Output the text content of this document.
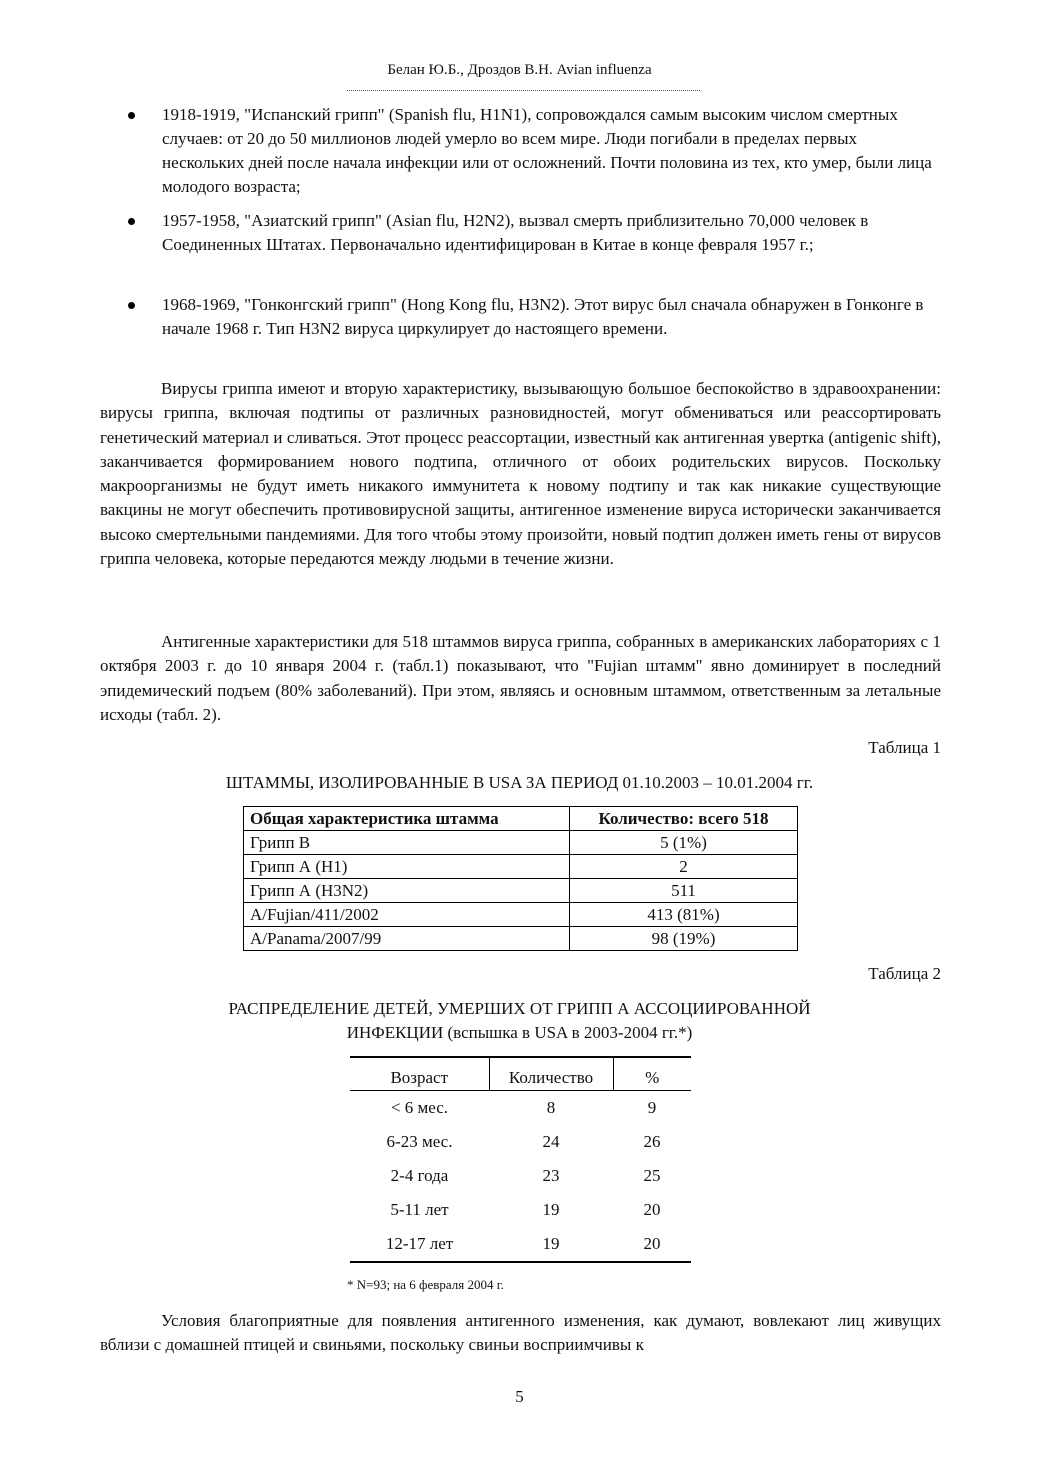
Белан Ю.Б., Дроздов В.Н. Avian influenza
1918-1919, "Испанский грипп" (Spanish flu, H1N1), сопровождался самым высоким числом смертных случаев: от 20 до 50 миллионов людей умерло во всем мире. Люди погибали в пределах первых нескольких дней после начала инфекции или от осложнений. Почти половина из тех, кто умер, были лица молодого возраста;
1957-1958, "Азиатский грипп" (Asian flu, H2N2), вызвал смерть приблизительно 70,000 человек в Соединенных Штатах. Первоначально идентифицирован в Китае в конце февраля 1957 г.;
1968-1969, "Гонконгский грипп" (Hong Kong flu, H3N2). Этот вирус был сначала обнаружен в Гонконге в начале 1968 г. Тип H3N2 вируса циркулирует до настоящего времени.

Вирусы гриппа имеют и вторую характеристику, вызывающую большое беспокойство в здравоохранении: вирусы гриппа, включая подтипы от различных разновидностей, могут обмениваться или реассортировать генетический материал и сливаться. Этот процесс реассортации, известный как антигенная увертка (antigenic shift), заканчивается формированием нового подтипа, отличного от обоих родительских вирусов. Поскольку макроорганизмы не будут иметь никакого иммунитета к новому подтипу и так как никакие существующие вакцины не могут обеспечить противовирусной защиты, антигенное изменение вируса исторически заканчивается высоко смертельными пандемиями. Для того чтобы этому произойти, новый подтип должен иметь гены от вирусов гриппа человека, которые передаются между людьми в течение жизни.

Антигенные характеристики для 518 штаммов вируса гриппа, собранных в американских лабораториях с 1 октября 2003 г. до 10 января 2004 г. (табл.1) показывают, что "Fujian штамм" явно доминирует в последний эпидемический подъем (80% заболеваний). При этом, являясь и основным штаммом, ответственным за летальные исходы (табл. 2).

Таблица 1
ШТАММЫ, ИЗОЛИРОВАННЫЕ В USA ЗА ПЕРИОД 01.10.2003 – 10.01.2004 гг.
Общая характеристика штамма	Количество: всего 518
Грипп В	5 (1%)
Грипп А (H1)	2
Грипп А (H3N2)	511
A/Fujian/411/2002	413 (81%)
A/Panama/2007/99	98 (19%)
Таблица 2
РАСПРЕДЕЛЕНИЕ ДЕТЕЙ, УМЕРШИХ ОТ ГРИПП А АССОЦИИРОВАННОЙ
ИНФЕКЦИИ (вспышка в USA в 2003-2004 гг.*)
Возраст	Количество	%
< 6 мес.	8	9
6-23 мес.	24	26
2-4 года	23	25
5-11 лет	19	20
12-17 лет	19	20
* N=93; на 6 февраля 2004 г.

Условия благоприятные для появления антигенного изменения, как думают, вовлекают лиц живущих вблизи с домашней птицей и свиньями, поскольку свиньи восприимчивы к

5
